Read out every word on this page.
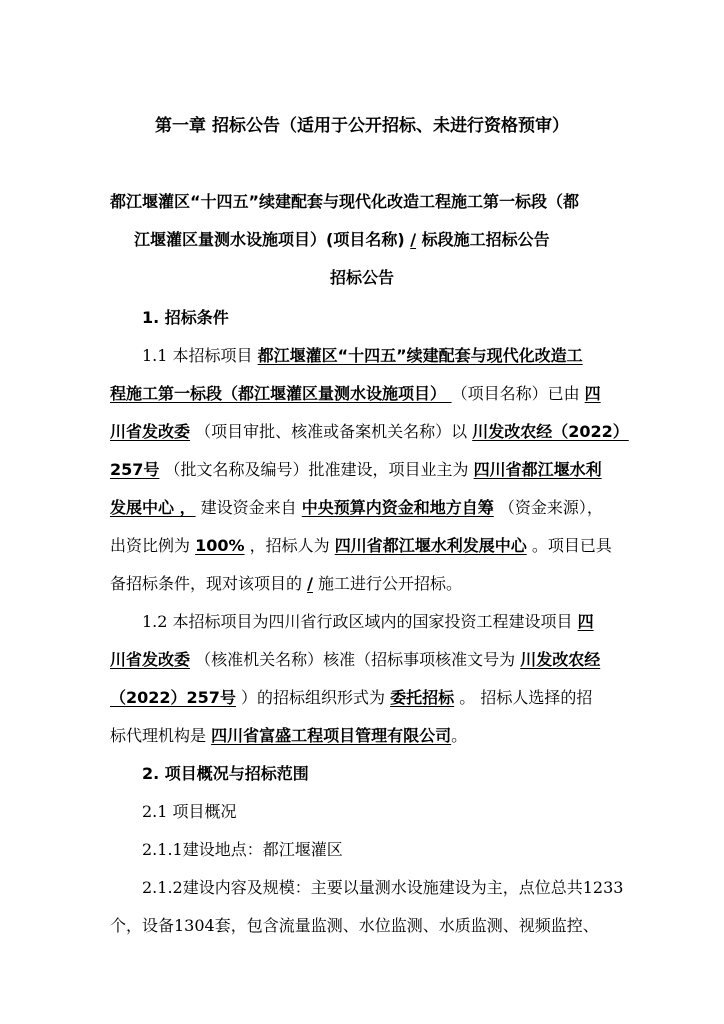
第一章 招标公告（适用于公开招标、未进行资格预审）
都江堰灌区“十四五”续建配套与现代化改造工程施工第一标段（都
江堰灌区量测水设施项目）(项目名称) / 标段施工招标公告
招标公告
1. 招标条件
1.1 本招标项目 都江堰灌区“十四五”续建配套与现代化改造工
程施工第一标段（都江堰灌区量测水设施项目） （项目名称）已由 四
川省发改委 （项目审批、核准或备案机关名称）以 川发改农经（2022）
257号 （批文名称及编号）批准建设，项目业主为 四川省都江堰水利
发展中心 ， 建设资金来自 中央预算内资金和地方自筹 （资金来源），
出资比例为 100% ，招标人为 四川省都江堰水利发展中心 。项目已具
备招标条件，现对该项目的 / 施工进行公开招标。
1.2 本招标项目为四川省行政区域内的国家投资工程建设项目 四
川省发改委 （核准机关名称）核准（招标事项核准文号为 川发改农经
（2022）257号 ）的招标组织形式为 委托招标 。 招标人选择的招
标代理机构是 四川省富盛工程项目管理有限公司。
2. 项目概况与招标范围
2.1 项目概况
2.1.1建设地点：都江堰灌区
2.1.2建设内容及规模：主要以量测水设施建设为主，点位总共1233
个，设备1304套，包含流量监测、水位监测、水质监测、视频监控、
